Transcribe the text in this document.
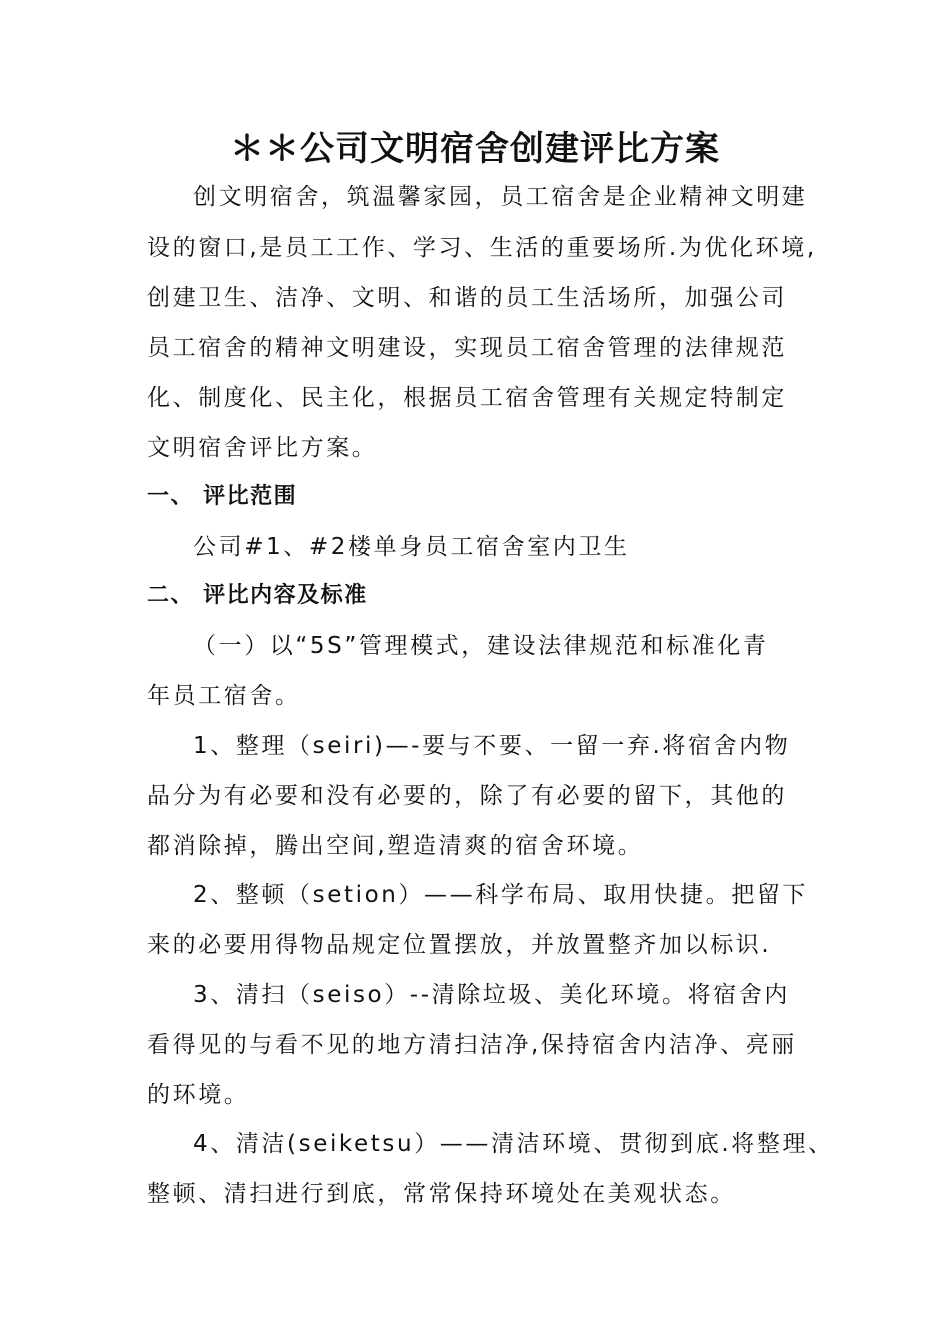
＊＊公司文明宿舍创建评比方案
创文明宿舍，筑温馨家园，员工宿舍是企业精神文明建
设的窗口,是员工工作、学习、生活的重要场所.为优化环境,
创建卫生、洁净、文明、和谐的员工生活场所，加强公司
员工宿舍的精神文明建设，实现员工宿舍管理的法律规范
化、制度化、民主化，根据员工宿舍管理有关规定特制定
文明宿舍评比方案。
一、 评比范围
公司#1、#2楼单身员工宿舍室内卫生
二、 评比内容及标准
（一）以“5S”管理模式，建设法律规范和标准化青
年员工宿舍。
1、整理（seiri)—-要与不要、一留一弃.将宿舍内物
品分为有必要和没有必要的，除了有必要的留下，其他的
都消除掉，腾出空间,塑造清爽的宿舍环境。
2、整顿（setion）——科学布局、取用快捷。把留下
来的必要用得物品规定位置摆放，并放置整齐加以标识.
3、清扫（seiso）--清除垃圾、美化环境。将宿舍内
看得见的与看不见的地方清扫洁净,保持宿舍内洁净、亮丽
的环境。
4、清洁(seiketsu）——清洁环境、贯彻到底.将整理、
整顿、清扫进行到底，常常保持环境处在美观状态。
